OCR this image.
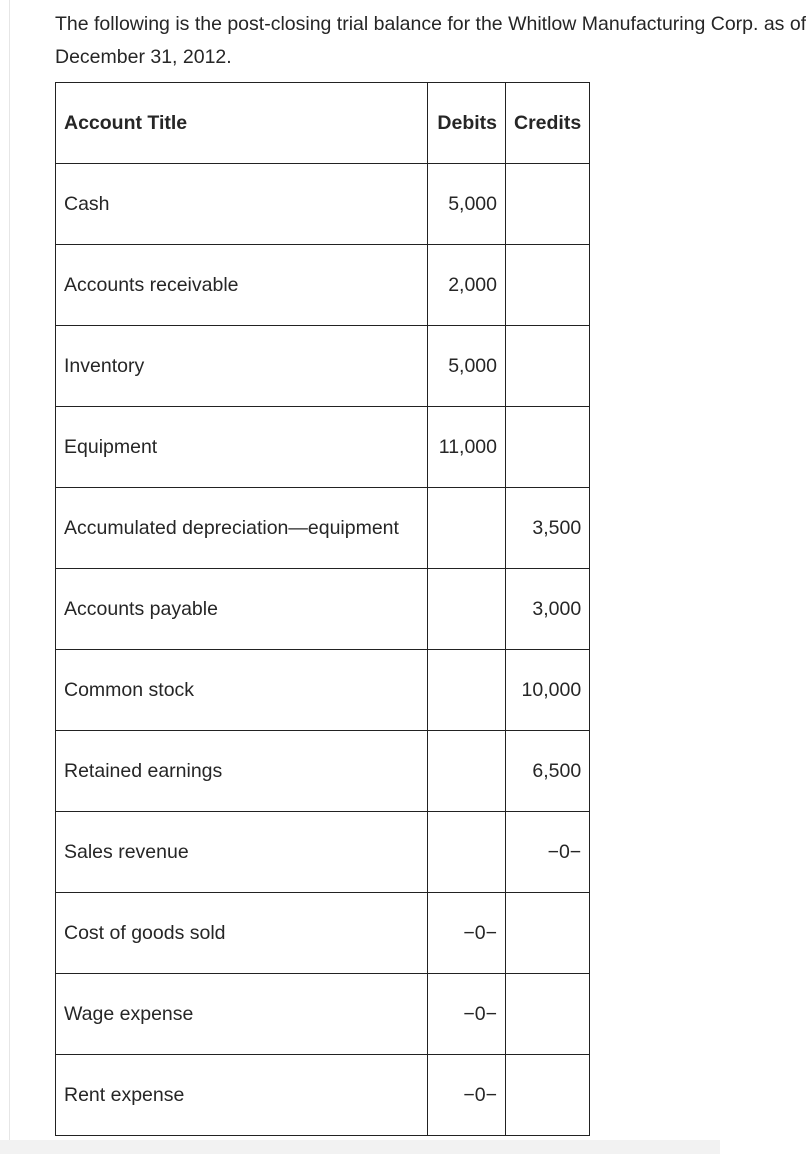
The following is the post-closing trial balance for the Whitlow Manufacturing Corp. as of
December 31, 2012.
Account Title	Debits	Credits
Cash	5,000	
Accounts receivable	2,000	
Inventory	5,000	
Equipment	11,000	
Accumulated depreciation—equipment		3,500
Accounts payable		3,000
Common stock		10,000
Retained earnings		6,500
Sales revenue		−0−
Cost of goods sold	−0−	
Wage expense	−0−	
Rent expense	−0−	
